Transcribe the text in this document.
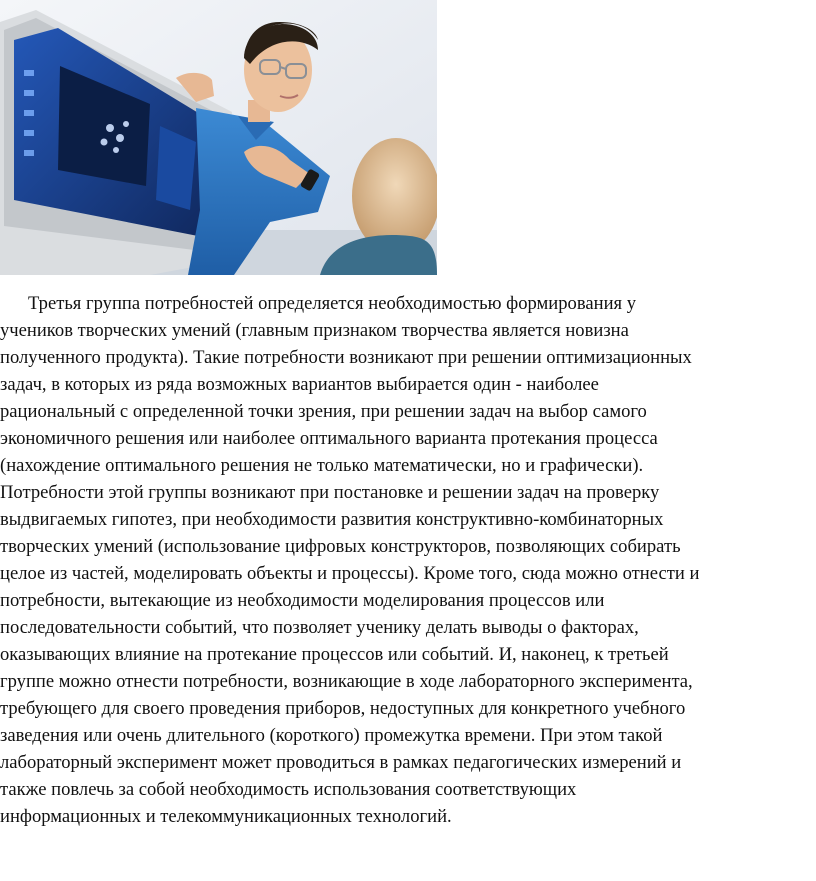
Третья группа потребностей определяется необходимостью формирования у
учеников творческих умений (главным признаком творчества является новизна
полученного продукта). Такие потребности возникают при решении оптимизационных
задач, в которых из ряда возможных вариантов выбирается один - наиболее
рациональный с определенной точки зрения, при решении задач на выбор самого
экономичного решения или наиболее оптимального варианта протекания процесса
(нахождение оптимального решения не только математически, но и графически).
Потребности этой группы возникают при постановке и решении задач на проверку
выдвигаемых гипотез, при необходимости развития конструктивно-комбинаторных
творческих умений (использование цифровых конструкторов, позволяющих собирать
целое из частей, моделировать объекты и процессы). Кроме того, сюда можно отнести и
потребности, вытекающие из необходимости моделирования процессов или
последовательности событий, что позволяет ученику делать выводы о факторах,
оказывающих влияние на протекание процессов или событий. И, наконец, к третьей
группе можно отнести потребности, возникающие в ходе лабораторного эксперимента,
требующего для своего проведения приборов, недоступных для конкретного учебного
заведения или очень длительного (короткого) промежутка времени. При этом такой
лабораторный эксперимент может проводиться в рамках педагогических измерений и
также повлечь за собой необходимость использования соответствующих
информационных и телекоммуникационных технологий.
